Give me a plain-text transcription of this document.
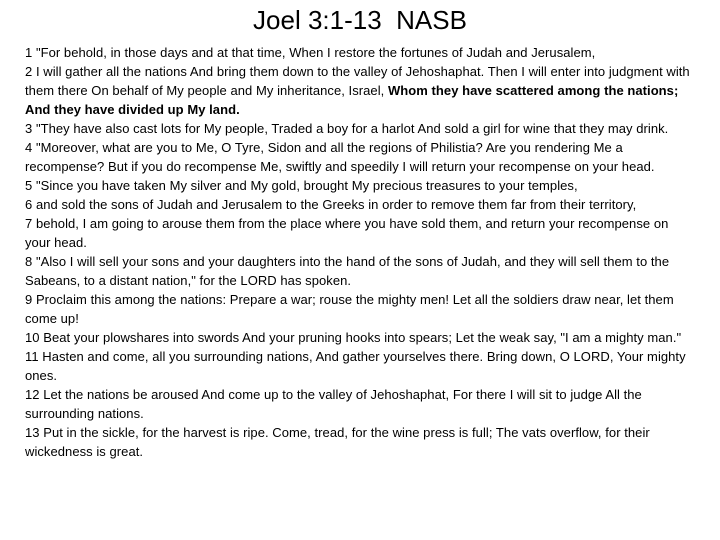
Joel 3:1-13  NASB

1 "For behold, in those days and at that time, When I restore the fortunes of Judah and Jerusalem,

2 I will gather all the nations And bring them down to the valley of Jehoshaphat. Then I will enter into judgment with them there On behalf of My people and My inheritance, Israel, Whom they have scattered among the nations; And they have divided up My land.

3 "They have also cast lots for My people, Traded a boy for a harlot And sold a girl for wine that they may drink.

4 "Moreover, what are you to Me, O Tyre, Sidon and all the regions of Philistia? Are you rendering Me a recompense? But if you do recompense Me, swiftly and speedily I will return your recompense on your head.

5 "Since you have taken My silver and My gold, brought My precious treasures to your temples,

6 and sold the sons of Judah and Jerusalem to the Greeks in order to remove them far from their territory,

7 behold, I am going to arouse them from the place where you have sold them, and return your recompense on your head.

8 "Also I will sell your sons and your daughters into the hand of the sons of Judah, and they will sell them to the Sabeans, to a distant nation," for the LORD has spoken.

9 Proclaim this among the nations: Prepare a war; rouse the mighty men! Let all the soldiers draw near, let them come up!

10 Beat your plowshares into swords And your pruning hooks into spears; Let the weak say, "I am a mighty man."

11 Hasten and come, all you surrounding nations, And gather yourselves there. Bring down, O LORD, Your mighty ones.

12 Let the nations be aroused And come up to the valley of Jehoshaphat, For there I will sit to judge All the surrounding nations.

13 Put in the sickle, for the harvest is ripe. Come, tread, for the wine press is full; The vats overflow, for their wickedness is great.
